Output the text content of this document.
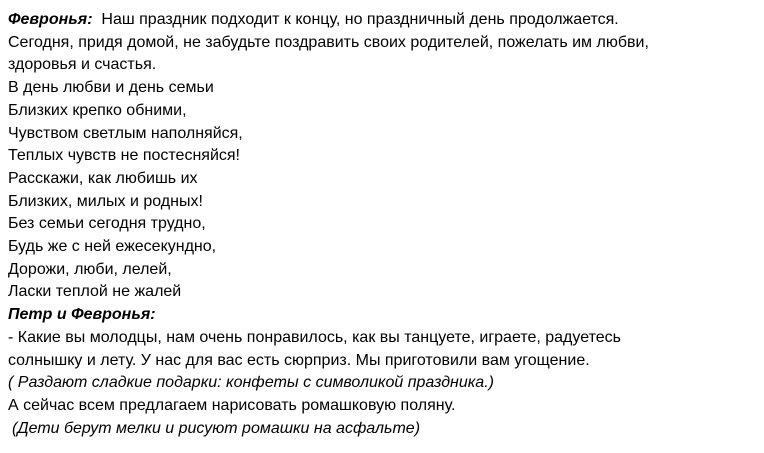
Февронья:  Наш праздник подходит к концу, но праздничный день продолжается.
Сегодня, придя домой, не забудьте поздравить своих родителей, пожелать им любви,
здоровья и счастья.
В день любви и день семьи
Близких крепко обними,
Чувством светлым наполняйся,
Теплых чувств не постесняйся!
Расскажи, как любишь их
Близких, милых и родных!
Без семьи сегодня трудно,
Будь же с ней ежесекундно,
Дорожи, люби, лелей,
Ласки теплой не жалей
Петр и Февронья:
- Какие вы молодцы, нам очень понравилось, как вы танцуете, играете, радуетесь
солнышку и лету. У нас для вас есть сюрприз. Мы приготовили вам угощение.
( Раздают сладкие подарки: конфеты с символикой праздника.)
А сейчас всем предлагаем нарисовать ромашковую поляну.
(Дети берут мелки и рисуют ромашки на асфальте)
